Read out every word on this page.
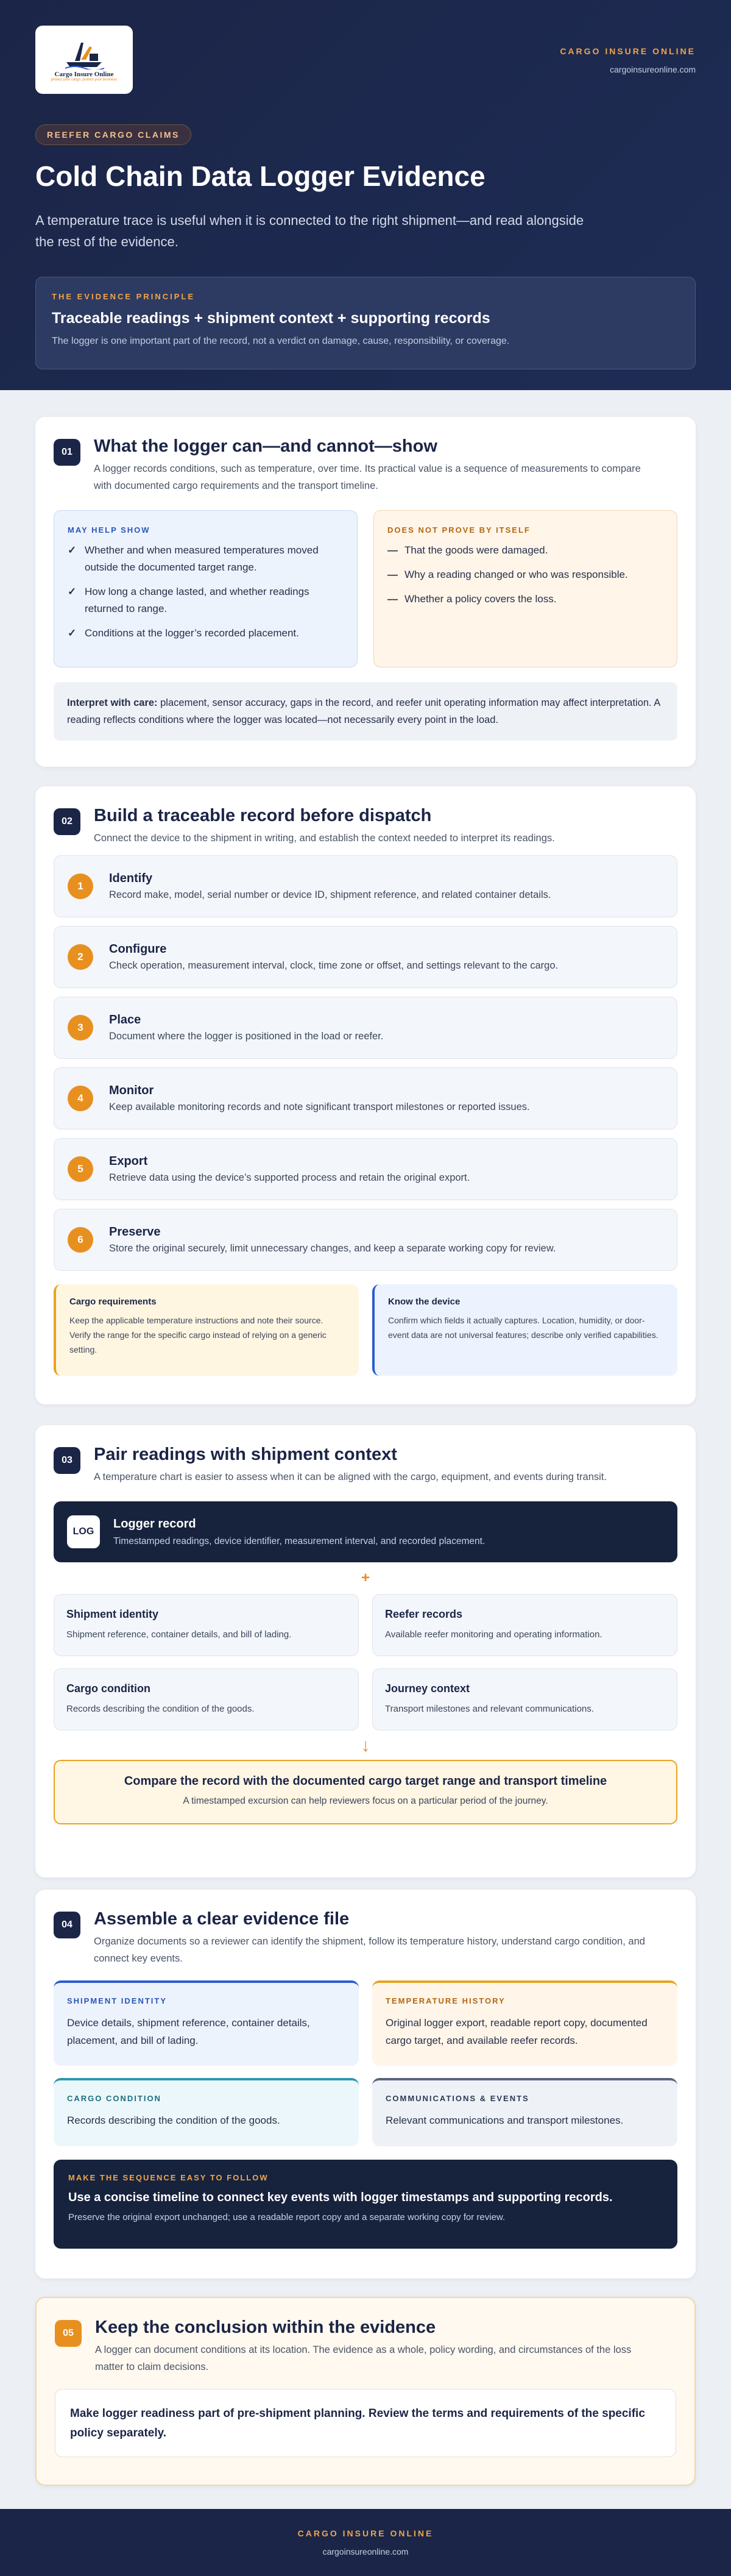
Cargo Insure Online
protect your cargo, protect your business
CARGO INSURE ONLINE
cargoinsureonline.com
REEFER CARGO CLAIMS
Cold Chain Data Logger Evidence
A temperature trace is useful when it is connected to the right shipment—and read alongside the rest of the evidence.
THE EVIDENCE PRINCIPLE
Traceable readings + shipment context + supporting records
The logger is one important part of the record, not a verdict on damage, cause, responsibility, or coverage.
01	What the logger can—and cannot—show

A logger records conditions, such as temperature, over time. Its practical value is a sequence of measurements to compare with documented cargo requirements and the transport timeline.

MAY HELP SHOW
✓ Whether and when measured temperatures moved outside the documented target range.
✓ How long a change lasted, and whether readings returned to range.
✓ Conditions at the logger’s recorded placement.
DOES NOT PROVE BY ITSELF
— That the goods were damaged.
— Why a reading changed or who was responsible.
— Whether a policy covers the loss.
Interpret with care: placement, sensor accuracy, gaps in the record, and reefer unit operating information may affect interpretation. A reading reflects conditions where the logger was located—not necessarily every point in the load.
02	Build a traceable record before dispatch

Connect the device to the shipment in writing, and establish the context needed to interpret its readings.

1
Identify
Record make, model, serial number or device ID, shipment reference, and related container details.
2
Configure
Check operation, measurement interval, clock, time zone or offset, and settings relevant to the cargo.
3
Place
Document where the logger is positioned in the load or reefer.
4
Monitor
Keep available monitoring records and note significant transport milestones or reported issues.
5
Export
Retrieve data using the device’s supported process and retain the original export.
6
Preserve
Store the original securely, limit unnecessary changes, and keep a separate working copy for review.
Cargo requirements
Keep the applicable temperature instructions and note their source. Verify the range for the specific cargo instead of relying on a generic setting.
Know the device
Confirm which fields it actually captures. Location, humidity, or door-event data are not universal features; describe only verified capabilities.
03	Pair readings with shipment context

A temperature chart is easier to assess when it can be aligned with the cargo, equipment, and events during transit.

LOG
Logger record
Timestamped readings, device identifier, measurement interval, and recorded placement.
+
Shipment identity
Shipment reference, container details, and bill of lading.
Reefer records
Available reefer monitoring and operating information.
Cargo condition
Records describing the condition of the goods.
Journey context
Transport milestones and relevant communications.
↓
Compare the record with the documented cargo target range and transport timeline
A timestamped excursion can help reviewers focus on a particular period of the journey.
04	Assemble a clear evidence file

Organize documents so a reviewer can identify the shipment, follow its temperature history, understand cargo condition, and connect key events.

SHIPMENT IDENTITY
Device details, shipment reference, container details, placement, and bill of lading.
TEMPERATURE HISTORY
Original logger export, readable report copy, documented cargo target, and available reefer records.
CARGO CONDITION
Records describing the condition of the goods.
COMMUNICATIONS & EVENTS
Relevant communications and transport milestones.
MAKE THE SEQUENCE EASY TO FOLLOW
Use a concise timeline to connect key events with logger timestamps and supporting records.
Preserve the original export unchanged; use a readable report copy and a separate working copy for review.
05	Keep the conclusion within the evidence

A logger can document conditions at its location. The evidence as a whole, policy wording, and circumstances of the loss matter to claim decisions.

Make logger readiness part of pre-shipment planning. Review the terms and requirements of the specific policy separately.
CARGO INSURE ONLINE
cargoinsureonline.com
